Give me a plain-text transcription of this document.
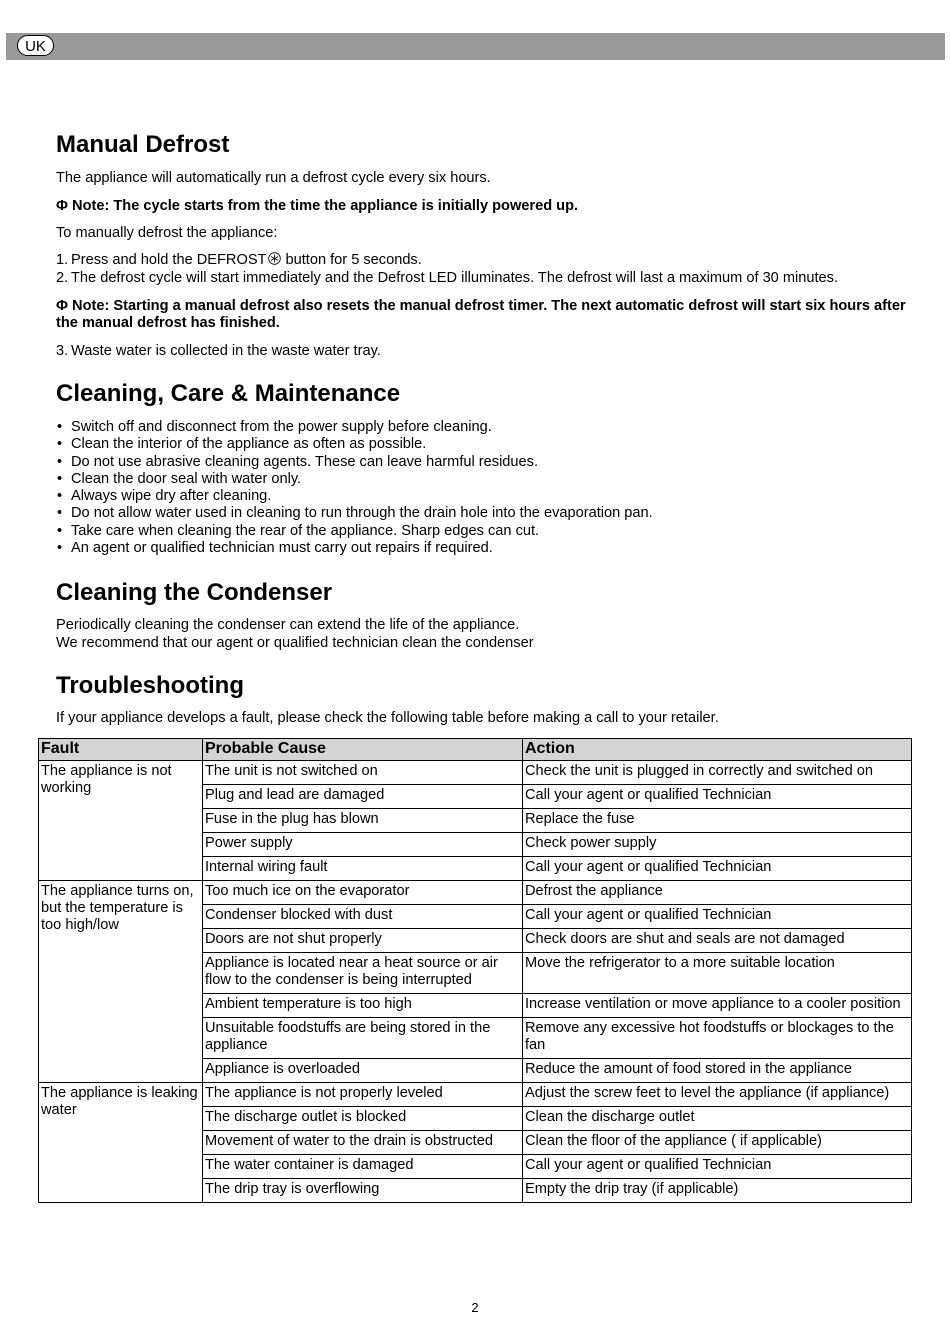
UK
Manual Defrost

The appliance will automatically run a defrost cycle every six hours.

Φ Note: The cycle starts from the time the appliance is initially powered up.

To manually defrost the appliance:

1. Press and hold the DEFROST button for 5 seconds.

2. The defrost cycle will start immediately and the Defrost LED illuminates. The defrost will last a maximum of 30 minutes.

Φ Note: Starting a manual defrost also resets the manual defrost timer. The next automatic defrost will start six hours after the manual defrost has finished.

3. Waste water is collected in the waste water tray.

Cleaning, Care & Maintenance
• Switch off and disconnect from the power supply before cleaning.
• Clean the interior of the appliance as often as possible.
• Do not use abrasive cleaning agents. These can leave harmful residues.
• Clean the door seal with water only.
• Always wipe dry after cleaning.
• Do not allow water used in cleaning to run through the drain hole into the evaporation pan.
• Take care when cleaning the rear of the appliance. Sharp edges can cut.
• An agent or qualified technician must carry out repairs if required.
Cleaning the Condenser

Periodically cleaning the condenser can extend the life of the appliance.

We recommend that our agent or qualified technician clean the condenser

Troubleshooting

If your appliance develops a fault, please check the following table before making a call to your retailer.

Fault	Probable Cause	Action
The appliance is not working	The unit is not switched on	Check the unit is plugged in correctly and switched on
	Plug and lead are damaged	Call your agent or qualified Technician
	Fuse in the plug has blown	Replace the fuse
	Power supply	Check power supply
	Internal wiring fault	Call your agent or qualified Technician
The appliance turns on, but the temperature is too high/low	Too much ice on the evaporator	Defrost the appliance
	Condenser blocked with dust	Call your agent or qualified Technician
	Doors are not shut properly	Check doors are shut and seals are not damaged
	Appliance is located near a heat source or air flow to the condenser is being interrupted	Move the refrigerator to a more suitable location
	Ambient temperature is too high	Increase ventilation or move appliance to a cooler position
	Unsuitable foodstuffs are being stored in the appliance	Remove any excessive hot foodstuffs or blockages to the fan
	Appliance is overloaded	Reduce the amount of food stored in the appliance
The appliance is leaking water	The appliance is not properly leveled	Adjust the screw feet to level the appliance (if appliance)
	The discharge outlet is blocked	Clean the discharge outlet
	Movement of water to the drain is obstructed	Clean the floor of the appliance ( if applicable)
	The water container is damaged	Call your agent or qualified Technician
	The drip tray is overflowing	Empty the drip tray (if applicable)
2
